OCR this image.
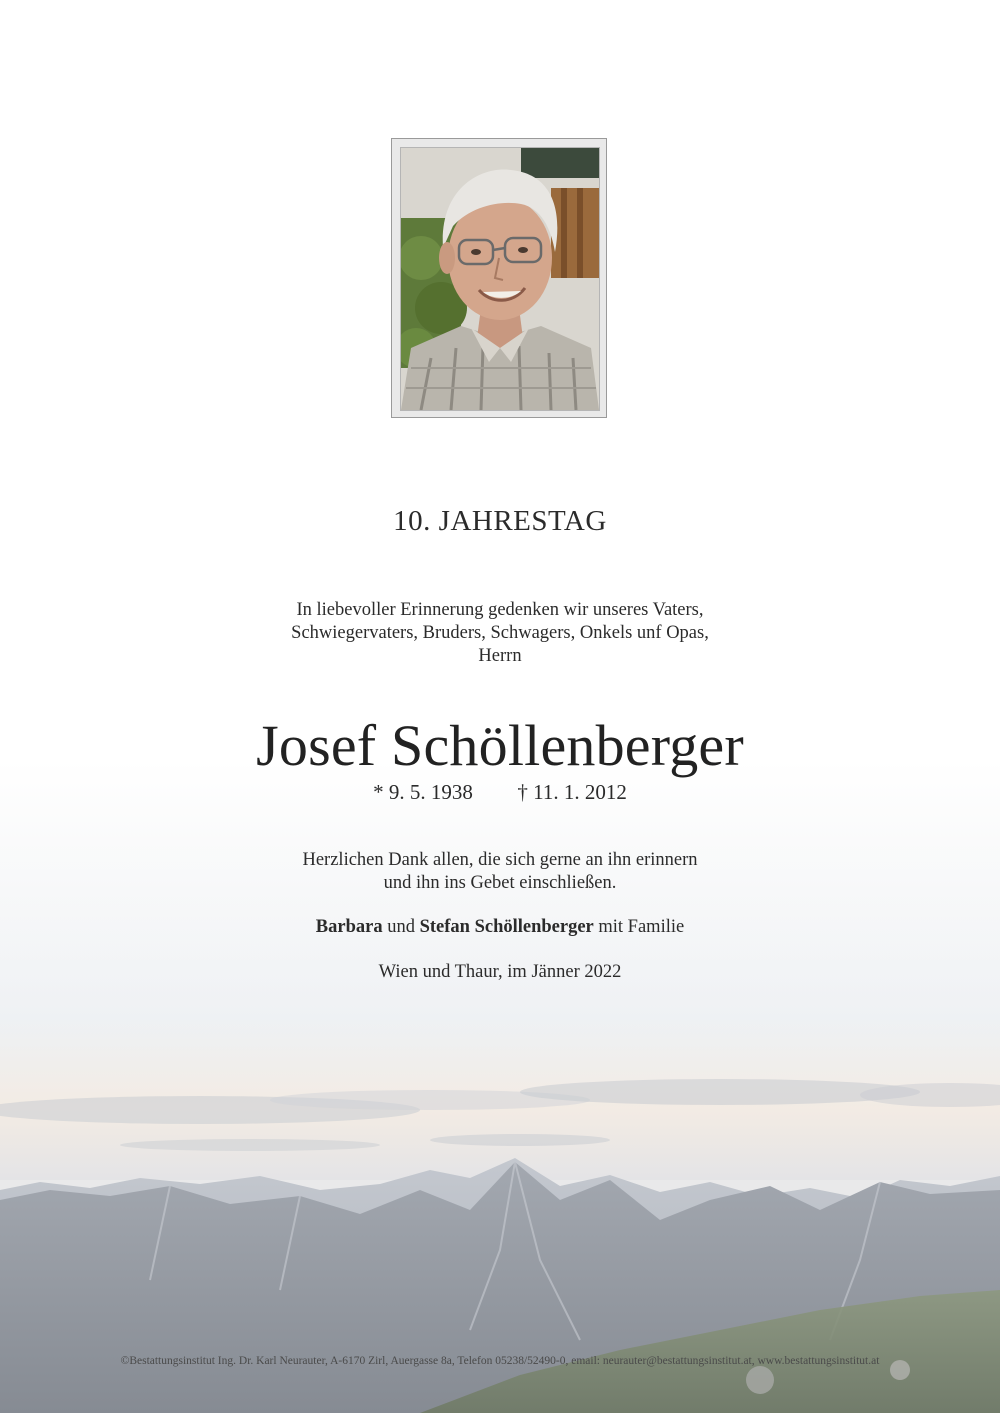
10. JAHRESTAG
In liebevoller Erinnerung gedenken wir unseres Vaters,
Schwiegervaters, Bruders, Schwagers, Onkels unf Opas,
Herrn
Josef Schöllenberger
* 9. 5. 1938 † 11. 1. 2012
Herzlichen Dank allen, die sich gerne an ihn erinnern
und ihn ins Gebet einschließen.
Barbara und Stefan Schöllenberger mit Familie
Wien und Thaur, im Jänner 2022
©Bestattungsinstitut Ing. Dr. Karl Neurauter, A-6170 Zirl, Auergasse 8a, Telefon 05238/52490-0, email: neurauter@bestattungsinstitut.at, www.bestattungsinstitut.at
